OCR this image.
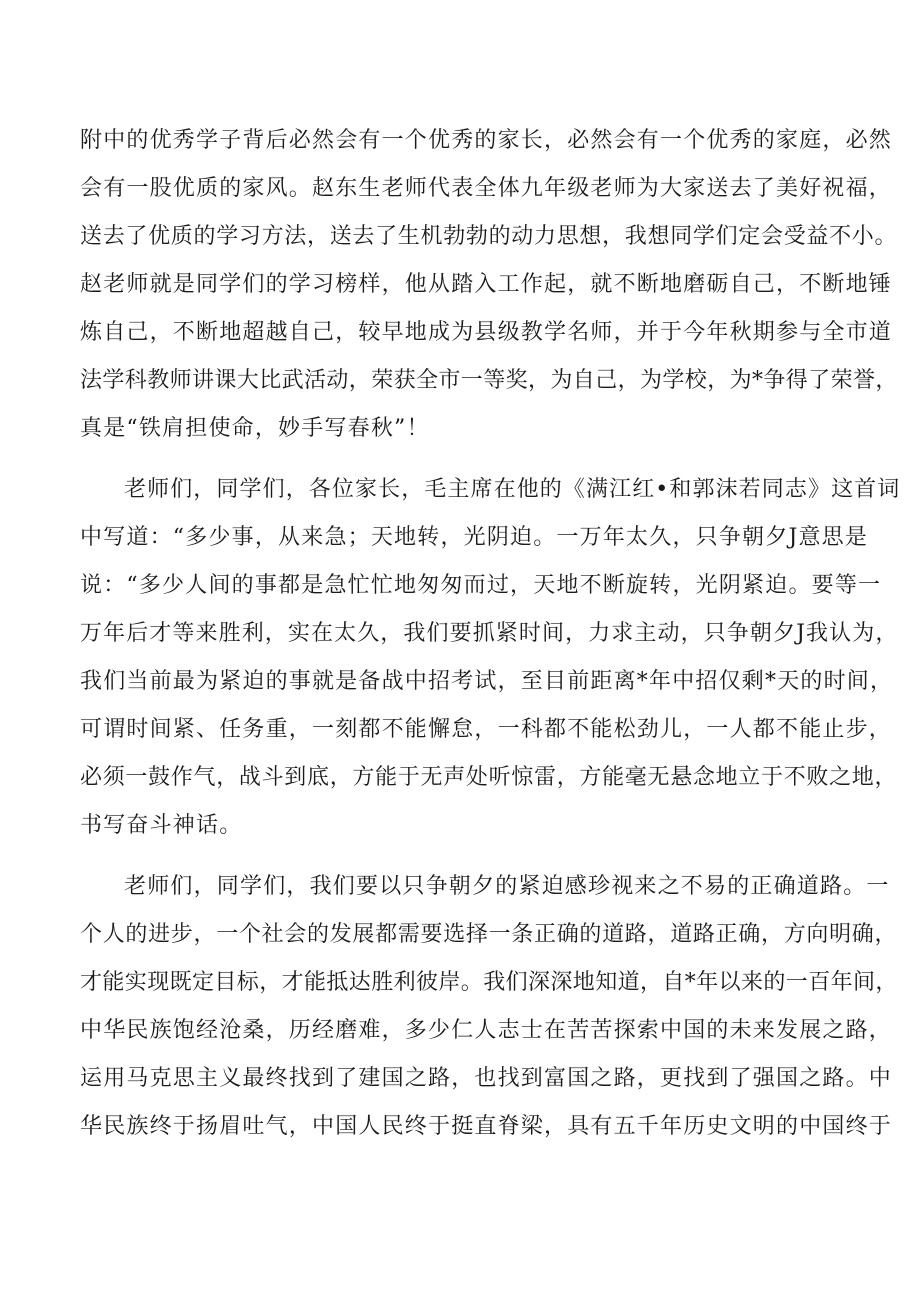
附中的优秀学子背后必然会有一个优秀的家长，必然会有一个优秀的家庭，必然
会有一股优质的家风。赵东生老师代表全体九年级老师为大家送去了美好祝福，
送去了优质的学习方法，送去了生机勃勃的动力思想，我想同学们定会受益不小。
赵老师就是同学们的学习榜样，他从踏入工作起，就不断地磨砺自己，不断地锤
炼自己，不断地超越自己，较早地成为县级教学名师，并于今年秋期参与全市道
法学科教师讲课大比武活动，荣获全市一等奖，为自己，为学校，为*争得了荣誉，
真是“铁肩担使命，妙手写春秋”！
老师们，同学们，各位家长，毛主席在他的《满江红•和郭沫若同志》这首词
中写道：“多少事，从来急；天地转，光阴迫。一万年太久，只争朝夕J意思是
说：“多少人间的事都是急忙忙地匆匆而过，天地不断旋转，光阴紧迫。要等一
万年后才等来胜利，实在太久，我们要抓紧时间，力求主动，只争朝夕J我认为，
我们当前最为紧迫的事就是备战中招考试，至目前距离*年中招仅剩*天的时间，
可谓时间紧、任务重，一刻都不能懈怠，一科都不能松劲儿，一人都不能止步，
必须一鼓作气，战斗到底，方能于无声处听惊雷，方能毫无悬念地立于不败之地，
书写奋斗神话。
老师们，同学们，我们要以只争朝夕的紧迫感珍视来之不易的正确道路。一
个人的进步，一个社会的发展都需要选择一条正确的道路，道路正确，方向明确，
才能实现既定目标，才能抵达胜利彼岸。我们深深地知道，自*年以来的一百年间，
中华民族饱经沧桑，历经磨难，多少仁人志士在苦苦探索中国的未来发展之路，
运用马克思主义最终找到了建国之路，也找到富国之路，更找到了强国之路。中
华民族终于扬眉吐气，中国人民终于挺直脊梁，具有五千年历史文明的中国终于
